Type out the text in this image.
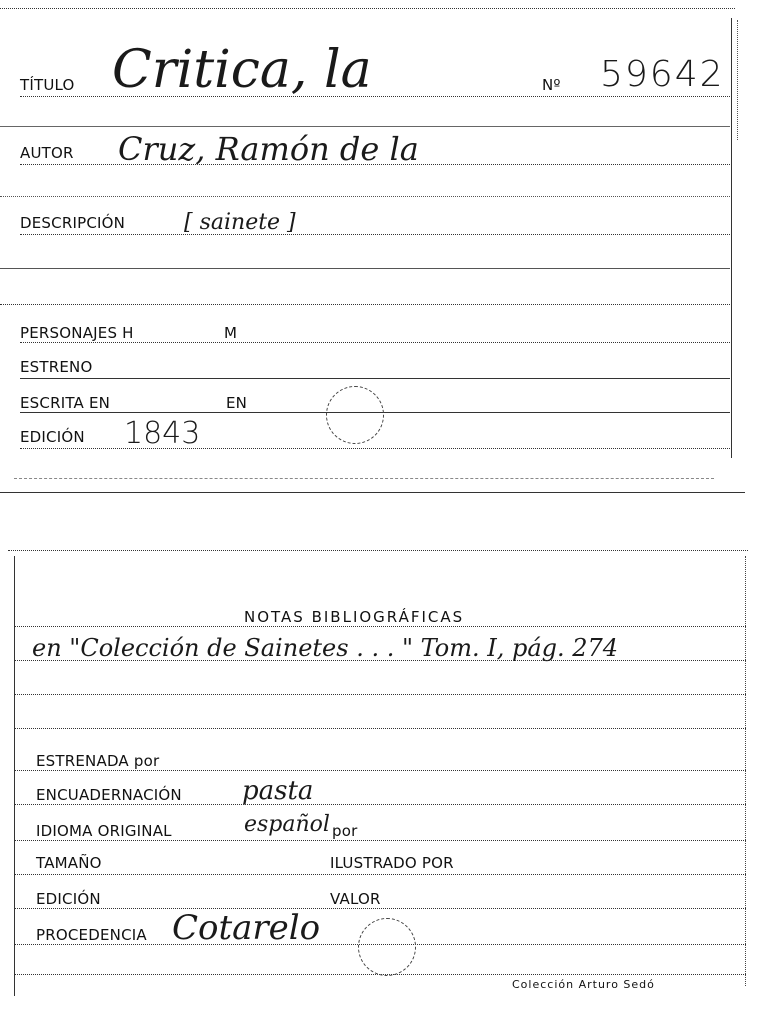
TÍTULO Critica, la	Nº 59642
AUTOR Cruz, Ramón de la
DESCRIPCIÓN	[ sainete ]
PERSONAJES H	M
ESTRENO
ESCRITA EN	EN
EDICIÓN 1843
NOTAS BIBLIOGRÁFICAS
en "Colección de Sainetes . . . " Tom. I, pág. 274
ESTRENADA por
ENCUADERNACIÓN pasta
IDIOMA ORIGINAL	español por
TAMAÑO	ILUSTRADO POR
EDICIÓN	VALOR
PROCEDENCIA Cotarelo
Colección Arturo Sedó
